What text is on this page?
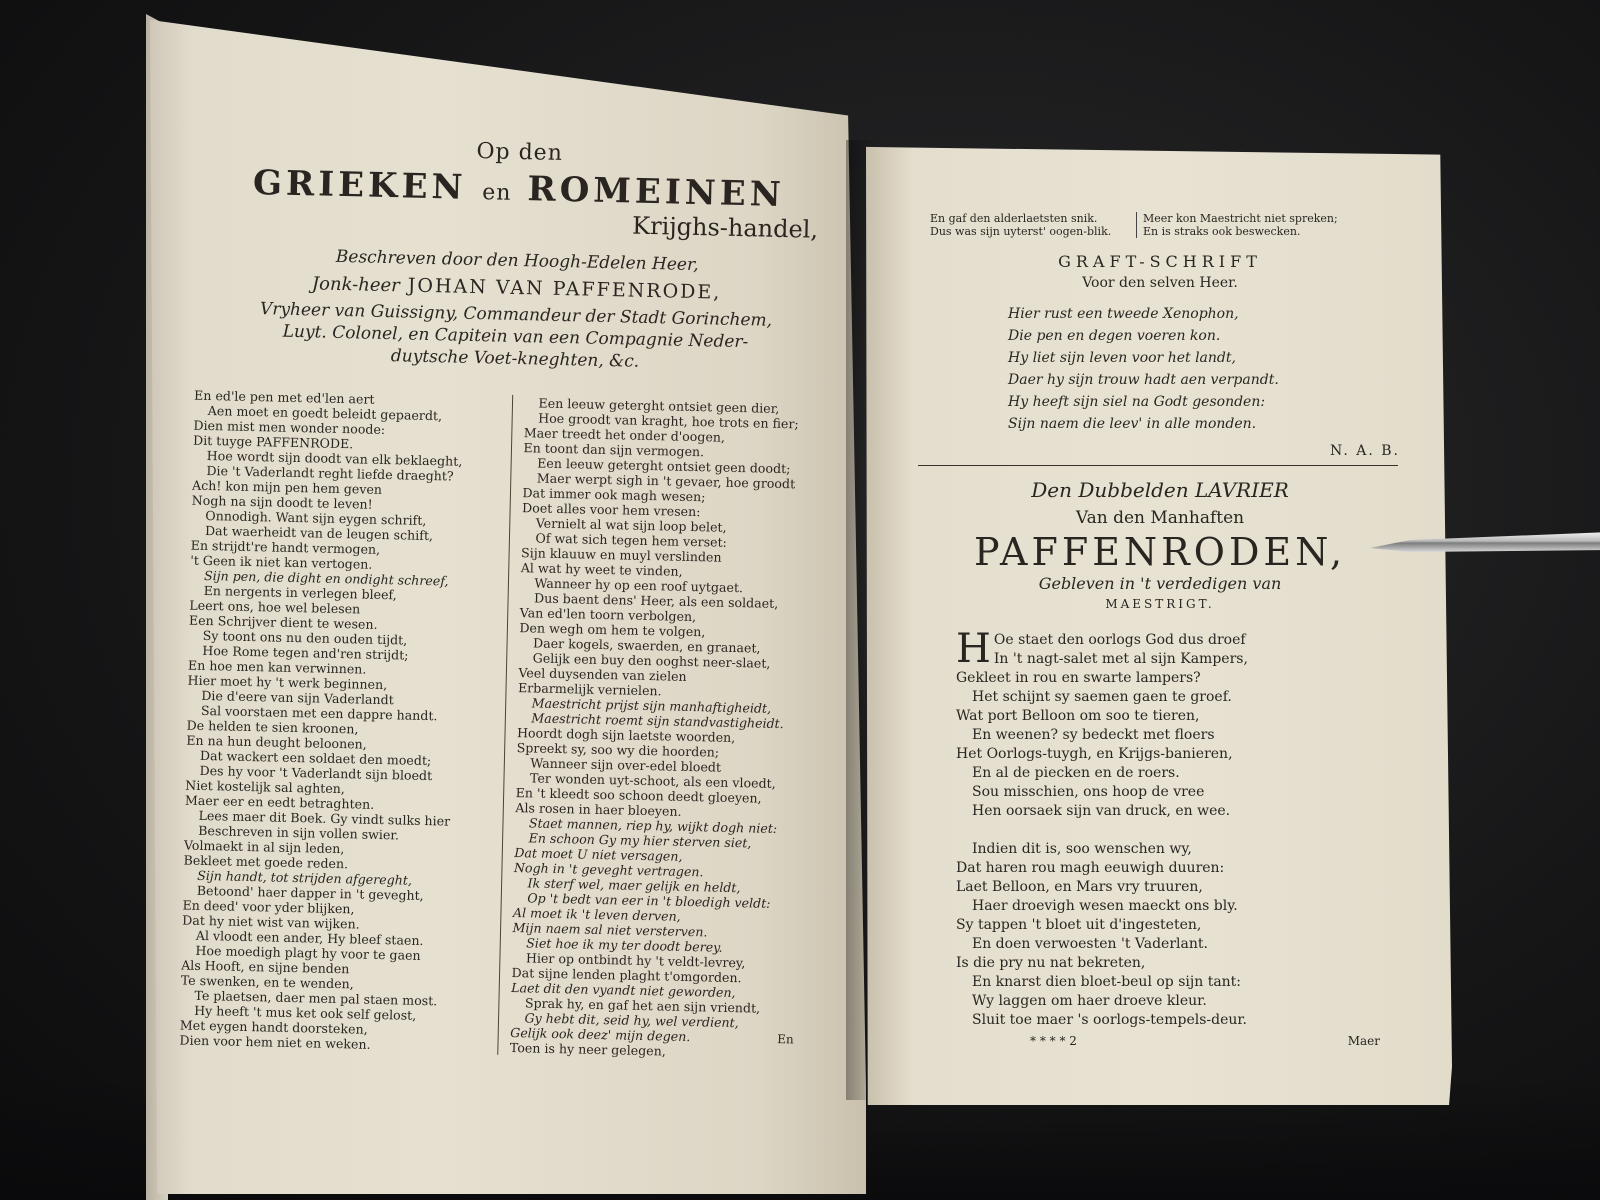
Op den

GRIEKEN en ROMEINEN

Krijghs-handel,

Beschreven door den Hoogh-Edelen Heer,

Jonk-heer JOHAN VAN PAFFENRODE,

Vryheer van Guissigny, Commandeur der Stadt Gorinchem,

Luyt. Colonel, en Capitein van een Compagnie Neder-

duytsche Voet-kneghten, &c.

En ed'le pen met ed'len aert
Aen moet en goedt beleidt gepaerdt,
Dien mist men wonder noode:
Dit tuyge PAFFENRODE.
Hoe wordt sijn doodt van elk beklaeght,
Die 't Vaderlandt reght liefde draeght?
Ach! kon mijn pen hem geven
Nogh na sijn doodt te leven!
Onnodigh. Want sijn eygen schrift,
Dat waerheidt van de leugen schift,
En strijdt're handt vermogen,
't Geen ik niet kan vertogen.
Sijn pen, die dight en ondight schreef,
En nergents in verlegen bleef,
Leert ons, hoe wel belesen
Een Schrijver dient te wesen.
Sy toont ons nu den ouden tijdt,
Hoe Rome tegen and'ren strijdt;
En hoe men kan verwinnen.
Hier moet hy 't werk beginnen,
Die d'eere van sijn Vaderlandt
Sal voorstaen met een dappre handt.
De helden te sien kroonen,
En na hun deught beloonen,
Dat wackert een soldaet den moedt;
Des hy voor 't Vaderlandt sijn bloedt
Niet kostelijk sal aghten,
Maer eer en eedt betraghten.
Lees maer dit Boek. Gy vindt sulks hier
Beschreven in sijn vollen swier.
Volmaekt in al sijn leden,
Bekleet met goede reden.
Sijn handt, tot strijden afgereght,
Betoond' haer dapper in 't geveght,
En deed' voor yder blijken,
Dat hy niet wist van wijken.
Al vloodt een ander, Hy bleef staen.
Hoe moedigh plagt hy voor te gaen
Als Hooft, en sijne benden
Te swenken, en te wenden,
Te plaetsen, daer men pal staen most.
Hy heeft 't mus ket ook self gelost,
Met eygen handt doorsteken,
Dien voor hem niet en weken.
Een leeuw geterght ontsiet geen dier,
Hoe groodt van kraght, hoe trots en fier;
Maer treedt het onder d'oogen,
En toont dan sijn vermogen.
Een leeuw geterght ontsiet geen doodt;
Maer werpt sigh in 't gevaer, hoe groodt
Dat immer ook magh wesen;
Doet alles voor hem vresen:
Vernielt al wat sijn loop belet,
Of wat sich tegen hem verset:
Sijn klauuw en muyl verslinden
Al wat hy weet te vinden,
Wanneer hy op een roof uytgaet.
Dus baent dens' Heer, als een soldaet,
Van ed'len toorn verbolgen,
Den wegh om hem te volgen,
Daer kogels, swaerden, en granaet,
Gelijk een buy den ooghst neer-slaet,
Veel duysenden van zielen
Erbarmelijk vernielen.
Maestricht prijst sijn manhaftigheidt,
Maestricht roemt sijn standvastigheidt.
Hoordt dogh sijn laetste woorden,
Spreekt sy, soo wy die hoorden;
Wanneer sijn over-edel bloedt
Ter wonden uyt-schoot, als een vloedt,
En 't kleedt soo schoon deedt gloeyen,
Als rosen in haer bloeyen.
Staet mannen, riep hy, wijkt dogh niet:
En schoon Gy my hier sterven siet,
Dat moet U niet versagen,
Nogh in 't geveght vertragen.
Ik sterf wel, maer gelijk en heldt,
Op 't bedt van eer in 't bloedigh veldt:
Al moet ik 't leven derven,
Mijn naem sal niet versterven.
Siet hoe ik my ter doodt berey.
Hier op ontbindt hy 't veldt-levrey,
Dat sijne lenden plaght t'omgorden.
Laet dit den vyandt niet geworden,
Sprak hy, en gaf het aen sijn vriendt,
Gy hebt dit, seid hy, wel verdient,
Gelijk ook deez' mijn degen.
Toen is hy neer gelegen,
En
En gaf den alderlaetsten snik.
Dus was sijn uyterst' oogen-blik.
Meer kon Maestricht niet spreken;
En is straks ook beswecken.

GRAFT-SCHRIFT

Voor den selven Heer.

Hier rust een tweede Xenophon,
Die pen en degen voeren kon.
Hy liet sijn leven voor het landt,
Daer hy sijn trouw hadt aen verpandt.
Hy heeft sijn siel na Godt gesonden:
Sijn naem die leev' in alle monden.

N. A. B.

Den Dubbelden LAVRIER

Van den Manhaften

PAFFENRODEN,

Gebleven in 't verdedigen van

MAESTRIGT.

H Oe staet den oorlogs God dus droef
In 't nagt-salet met al sijn Kampers,
Gekleet in rou en swarte lampers?
Het schijnt sy saemen gaen te groef.
Wat port Belloon om soo te tieren,
En weenen? sy bedeckt met floers
Het Oorlogs-tuygh, en Krijgs-banieren,
En al de piecken en de roers.
Sou misschien, ons hoop de vree
Hen oorsaek sijn van druck, en wee.
Indien dit is, soo wenschen wy,
Dat haren rou magh eeuwigh duuren:
Laet Belloon, en Mars vry truuren,
Haer droevigh wesen maeckt ons bly.
Sy tappen 't bloet uit d'ingesteten,
En doen verwoesten 't Vaderlant.
Is die pry nu nat bekreten,
En knarst dien bloet-beul op sijn tant:
Wy laggen om haer droeve kleur.
Sluit toe maer 's oorlogs-tempels-deur.
* * * * 2	Maer
